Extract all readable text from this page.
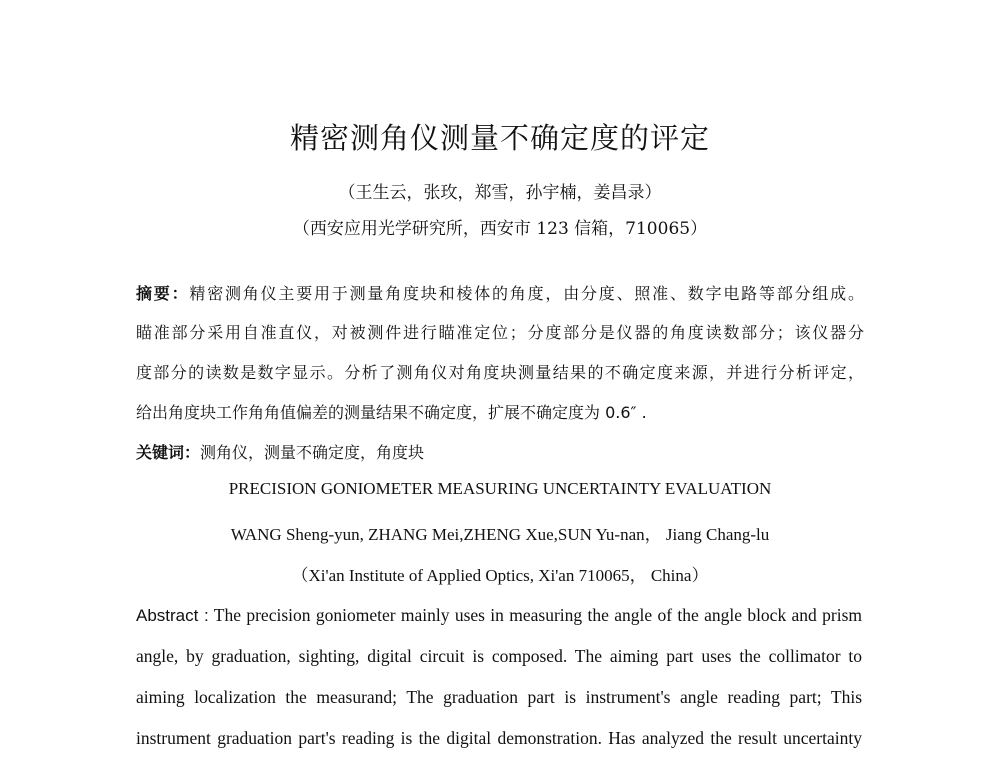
精密测角仪测量不确定度的评定
（王生云，张玫，郑雪，孙宇楠，姜昌录）
（西安应用光学研究所，西安市 123 信箱，710065）
摘要：精密测角仪主要用于测量角度块和棱体的角度，由分度、照准、数字电路等部分组成。
瞄准部分采用自准直仪，对被测件进行瞄准定位；分度部分是仪器的角度读数部分；该仪器分
度部分的读数是数字显示。分析了测角仪对角度块测量结果的不确定度来源，并进行分析评定，
给出角度块工作角角值偏差的测量结果不确定度，扩展不确定度为 0.6″ .
关键词：测角仪，测量不确定度，角度块
PRECISION GONIOMETER MEASURING UNCERTAINTY EVALUATION
WANG Sheng-yun, ZHANG Mei,ZHENG Xue,SUN Yu-nan， Jiang Chang-lu
（Xi'an Institute of Applied Optics, Xi'an 710065， China）
Abstract : The precision goniometer mainly uses in measuring the angle of the angle block and prism
angle, by graduation, sighting, digital circuit is composed. The aiming part uses the collimator to
aiming localization the measurand; The graduation part is instrument's angle reading part; This
instrument graduation part's reading is the digital demonstration. Has analyzed the result uncertainty
